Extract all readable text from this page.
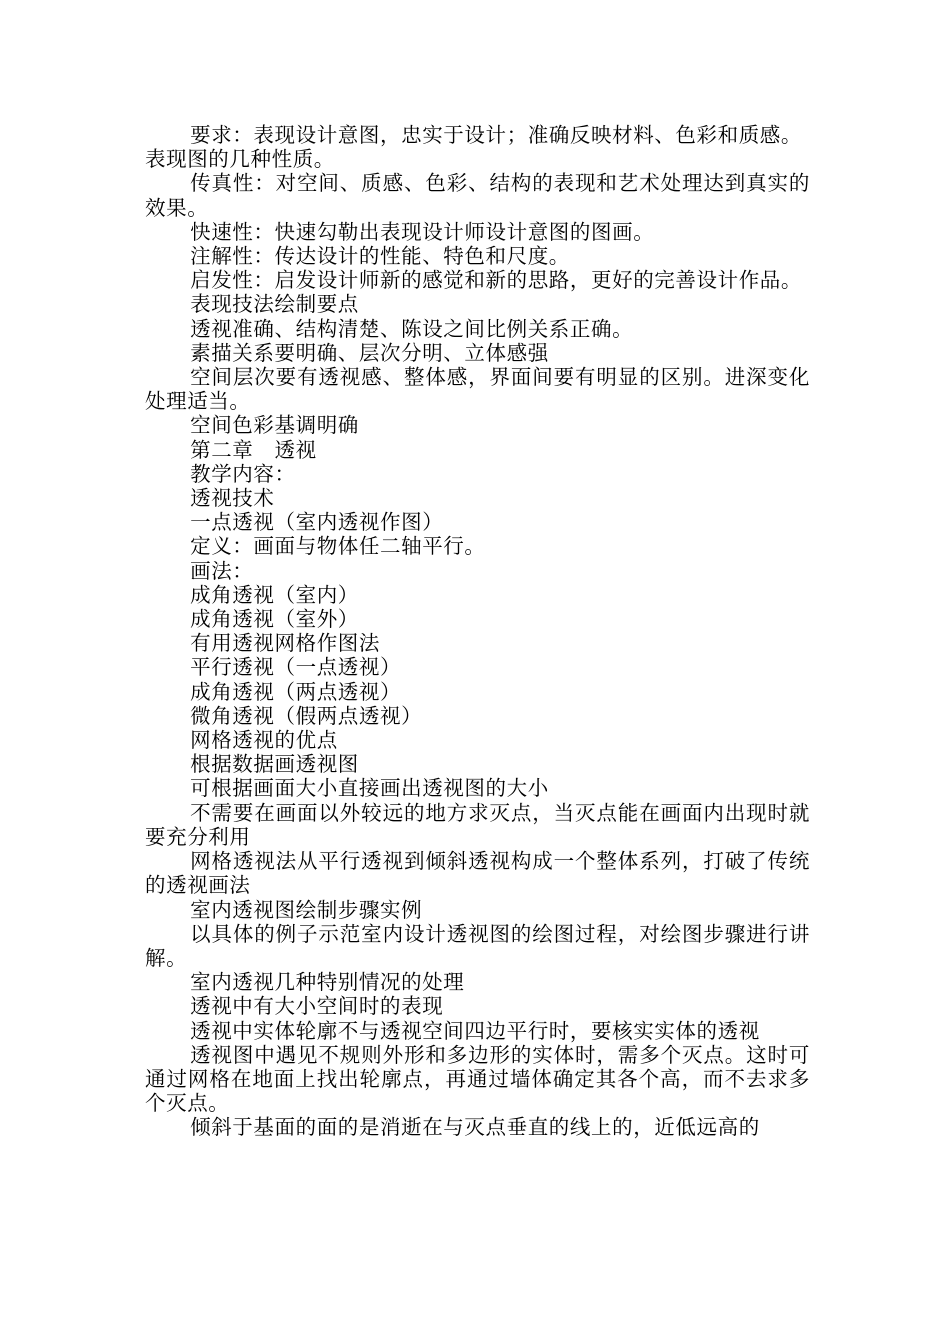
要求：表现设计意图，忠实于设计；准确反映材料、色彩和质感。

表现图的几种性质。

传真性：对空间、质感、色彩、结构的表现和艺术处理达到真实的效果。

快速性：快速勾勒出表现设计师设计意图的图画。

注解性：传达设计的性能、特色和尺度。

启发性：启发设计师新的感觉和新的思路，更好的完善设计作品。

表现技法绘制要点

透视准确、结构清楚、陈设之间比例关系正确。

素描关系要明确、层次分明、立体感强

空间层次要有透视感、整体感，界面间要有明显的区别。进深变化处理适当。

空间色彩基调明确

第二章　透视

教学内容：

透视技术

一点透视（室内透视作图）

定义：画面与物体任二轴平行。

画法：

成角透视（室内）

成角透视（室外）

有用透视网格作图法

平行透视（一点透视）

成角透视（两点透视）

微角透视（假两点透视）

网格透视的优点

根据数据画透视图

可根据画面大小直接画出透视图的大小

不需要在画面以外较远的地方求灭点，当灭点能在画面内出现时就要充分利用

网格透视法从平行透视到倾斜透视构成一个整体系列，打破了传统的透视画法

室内透视图绘制步骤实例

以具体的例子示范室内设计透视图的绘图过程，对绘图步骤进行讲解。

室内透视几种特别情况的处理

透视中有大小空间时的表现

透视中实体轮廓不与透视空间四边平行时，要核实实体的透视

透视图中遇见不规则外形和多边形的实体时，需多个灭点。这时可通过网格在地面上找出轮廓点，再通过墙体确定其各个高，而不去求多个灭点。

倾斜于基面的面的是消逝在与灭点垂直的线上的，近低远高的
